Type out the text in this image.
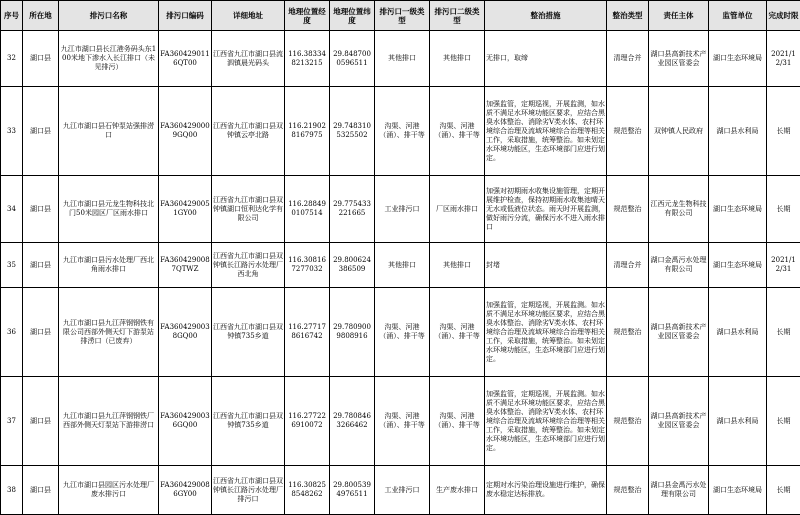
序号	所在地	排污口名称	排污口编码	详细地址	地理位置经度	地理位置纬度	排污口一级类型	排污口二级类型	整治措施	整治类型	责任主体	监管单位	完成时限
32	湖口县	九江市湖口县长江港务码头东100米地下渗水入长江排口（未见排污）	FA3604290116QT00	江西省九江市湖口县流泗镇晨光码头	116.383348213215	29.8487000596511	其他排口	其他排口	无排口，取缔	清理合并	湖口县高新技术产业园区管委会	湖口生态环境局	2021/12/31
33	湖口县	九江市湖口县石钟泵站强排涝口	FA3604290009GQ00	江西省九江市湖口县双钟镇云亭北路	116.219028167975	29.7483105325502	沟渠、河港（涌）、排干等	沟渠、河港（涌）、排干等	加强监管，定期巡视，开展监测，如水质不满足水环境功能区要求，应结合黑臭水体整治、消除劣Ⅴ类水体、农村环境综合治理及流域环境综合治理等相关工作，采取措施，统筹整治。如未划定水环境功能区，生态环境部门应进行划定。	规范整治	双钟镇人民政府	湖口县水利局	长期
34	湖口县	九江市湖口县元龙生物科技北门50米园区厂区雨水排口	FA3604290051GY00	江西省九江市湖口县双钟镇湖口恒利达化学有限公司	116.288490107514	29.775433221665	工业排污口	厂区雨水排口	加强对初期雨水收集设施管理，定期开展维护检查，保持初期雨水收集池晴天无水或低液位状态。雨天时开展监测，做好雨污分流，确保污水不进入雨水排口	规范整治	江西元龙生物科技有限公司	湖口生态环境局	长期
35	湖口县	九江市湖口县污水处理厂西北角雨水排口	FA3604290087QTWZ	江西省九江市湖口县双钟镇长江路污水处理厂西北角	116.308167277032	29.800624386509	其他排口	其他排口	封堵	清理合并	湖口金禹污水处理有限公司	湖口生态环境局	2021/12/31
36	湖口县	九江市湖口县九江萍钢钢铁有限公司西部外侧天灯下游泵站排涝口（已废弃）	FA3604290038GQ00	江西省九江市湖口县双钟镇735乡道	116.277178616742	29.7809009808916	沟渠、河港（涌）、排干等	沟渠、河港（涌）、排干等	加强监管，定期巡视，开展监测。如水质不满足水环境功能区要求，应结合黑臭水体整治、消除劣Ⅴ类水体、农村环境综合治理及流域环境综合治理等相关工作，采取措施，统筹整治。如未划定水环境功能区，生态环境部门应进行划定。	规范整治	湖口县高新技术产业园区管委会	湖口县水利局	长期
37	湖口县	九江市湖口县九江萍钢钢铁厂西部外侧天灯泵站下游排涝口	FA3604290036GQ00	江西省九江市湖口县双钟镇735乡道	116.277226910072	29.7808463266462	沟渠、河港（涌）、排干等	沟渠、河港（涌）、排干等	加强监管，定期巡视，开展监测。如水质不满足水环境功能区要求，应结合黑臭水体整治、消除劣Ⅴ类水体、农村环境综合治理及流域环境综合治理等相关工作，采取措施，统筹整治。如未划定水环境功能区，生态环境部门应进行划定。	规范整治	湖口县高新技术产业园区管委会	湖口县水利局	长期
38	湖口县	九江市湖口县园区污水处理厂废水排污口	FA3604290086GY00	江西省九江市湖口县双钟镇长江路污水处理厂排污口	116.308258548262	29.8005394976511	工业排污口	生产废水排口	定期对水污染治理设施进行维护，确保废水稳定达标排放。	规范整治	湖口县金禹污水处理有限公司	湖口生态环境局	长期
